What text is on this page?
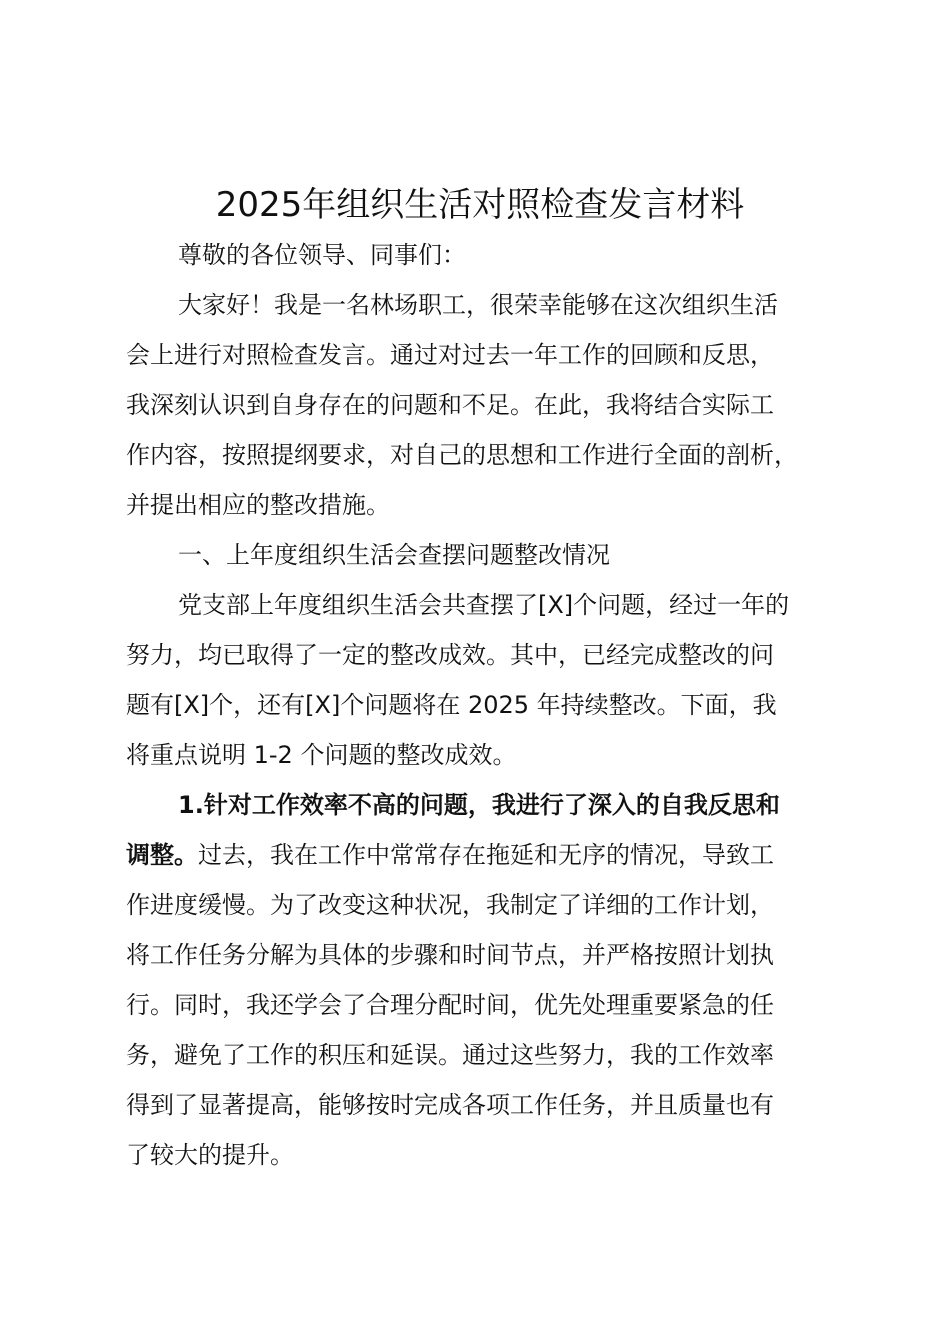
2025年组织生活对照检查发言材料

尊敬的各位领导、同事们：

大家好！我是一名林场职工，很荣幸能够在这次组织生活

会上进行对照检查发言。通过对过去一年工作的回顾和反思，

我深刻认识到自身存在的问题和不足。在此，我将结合实际工

作内容，按照提纲要求，对自己的思想和工作进行全面的剖析，

并提出相应的整改措施。

一、上年度组织生活会查摆问题整改情况

党支部上年度组织生活会共查摆了[X]个问题，经过一年的

努力，均已取得了一定的整改成效。其中，已经完成整改的问

题有[X]个，还有[X]个问题将在 2025 年持续整改。下面，我

将重点说明 1-2 个问题的整改成效。

1.针对工作效率不高的问题，我进行了深入的自我反思和

调整。过去，我在工作中常常存在拖延和无序的情况，导致工

作进度缓慢。为了改变这种状况，我制定了详细的工作计划，

将工作任务分解为具体的步骤和时间节点，并严格按照计划执

行。同时，我还学会了合理分配时间，优先处理重要紧急的任

务，避免了工作的积压和延误。通过这些努力，我的工作效率

得到了显著提高，能够按时完成各项工作任务，并且质量也有

了较大的提升。
